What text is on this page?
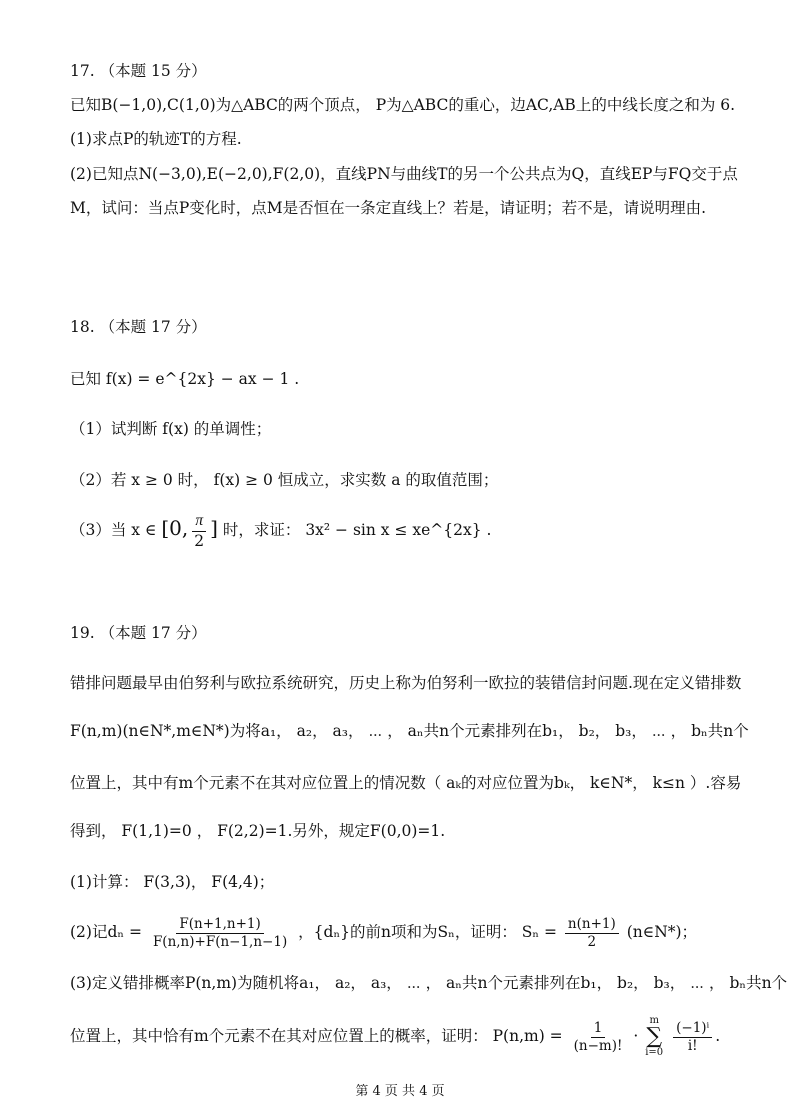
17. （本题 15 分）
已知B(−1,0),C(1,0)为△ABC的两个顶点， P为△ABC的重心，边AC,AB上的中线长度之和为 6.
(1)求点P的轨迹T的方程.
(2)已知点N(−3,0),E(−2,0),F(2,0)，直线PN与曲线T的另一个公共点为Q，直线EP与FQ交于点
M，试问：当点P变化时，点M是否恒在一条定直线上？若是，请证明；若不是，请说明理由.
18. （本题 17 分）
已知 f(x) = e^{2x} − ax − 1 .
（1）试判断 f(x) 的单调性；
（2）若 x ≥ 0 时， f(x) ≥ 0 恒成立，求实数 a 的取值范围；
（3）当 x ∈ [0, $\frac{\pi}{2}$ ] 时，求证： 3x² − sin x ≤ xe^{2x} .
19. （本题 17 分）
错排问题最早由伯努利与欧拉系统研究，历史上称为伯努利一欧拉的装错信封问题.现在定义错排数
F(n,m)(n∈N*,m∈N*)为将a₁， a₂， a₃， ⋯ ， aₙ共n个元素排列在b₁， b₂， b₃， ⋯ ， bₙ共n个
位置上，其中有m个元素不在其对应位置上的情况数（ aₖ的对应位置为bₖ， k∈N*， k≤n ）.容易
得到， F(1,1)=0 ， F(2,2)=1.另外，规定F(0,0)=1.
(1)计算： F(3,3)， F(4,4)；
(2)记$d_n = \frac{F(n+1,n+1)}{F(n,n)+F(n-1,n-1)}$ ，{dₙ}的前n项和为Sₙ，证明： $S_n = \frac{n(n+1)}{2}$ (n∈N*)；
(3)定义错排概率P(n,m)为随机将a₁， a₂， a₃， ⋯ ， aₙ共n个元素排列在b₁， b₂， b₃， ⋯ ， bₙ共n个
位置上，其中恰有m个元素不在其对应位置上的概率，证明： $P(n,m) = \frac{1}{(n-m)!}$ ·
m
∑
i=0
$\frac{\text{(−1)ⁱ}}{i!}$ .
第 4 页 共 4 页
